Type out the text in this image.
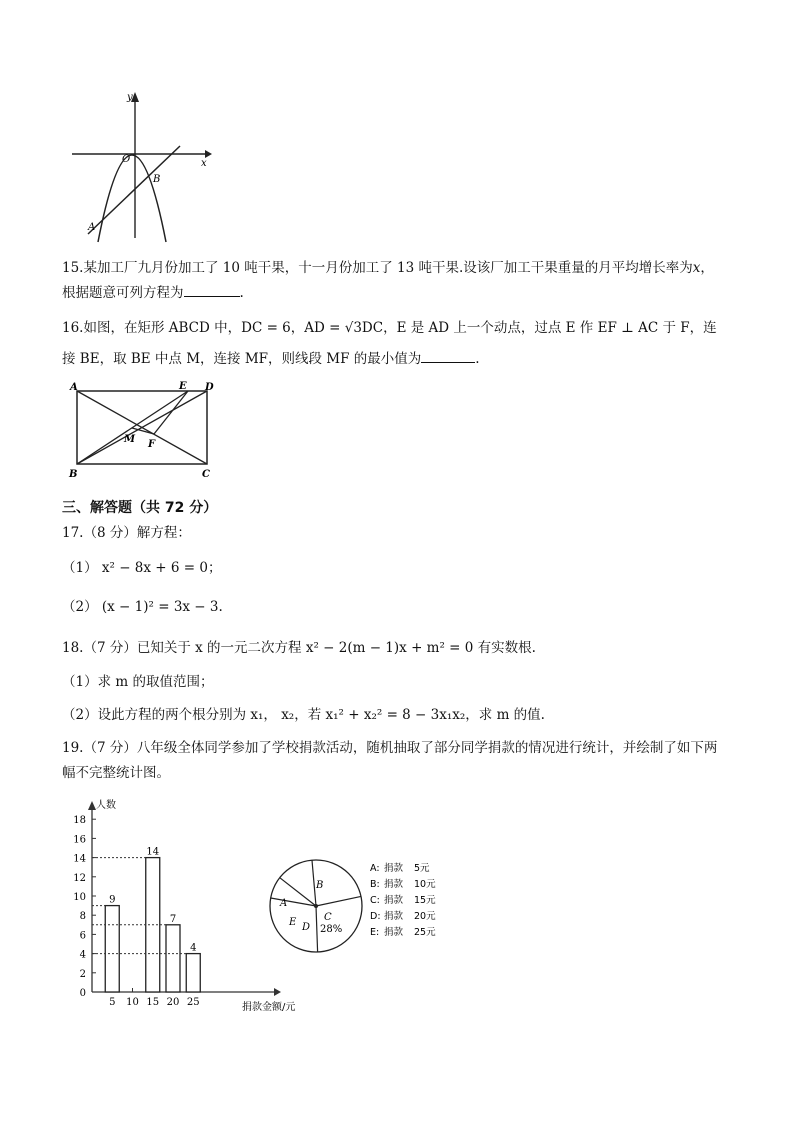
x
y
O
A
B
15.某加工厂九月份加工了 10 吨干果，十一月份加工了 13 吨干果.设该厂加工干果重量的月平均增长率为x，
根据题意可列方程为	.
16.如图，在矩形 ABCD 中，DC = 6，AD = √3DC，E 是 AD 上一个动点，过点 E 作 EF ⊥ AC 于 F，连
接 BE，取 BE 中点 M，连接 MF，则线段 MF 的最小值为	.
A
B	C
D
E
F
M
三、解答题（共 72 分）
17.（8 分）解方程：
（1） x² − 8x + 6 = 0；
（2） (x − 1)² = 3x − 3.
18.（7 分）已知关于 x 的一元二次方程 x² − 2(m − 1)x + m² = 0 有实数根.
（1）求 m 的取值范围；
（2）设此方程的两个根分别为 x₁， x₂，若 x₁² + x₂² = 8 − 3x₁x₂，求 m 的值.
19.（7 分）八年级全体同学参加了学校捐款活动，随机抽取了部分同学捐款的情况进行统计，并绘制了如下两
幅不完整统计图。
人数
捐款金额/元
0
2
4
6
8
10
12
14
16
18
5 10 15 20 25
9
14
7
4
A
B
C
D
E
28%
A: 捐款 5元
B: 捐款 10元
C: 捐款 15元
D: 捐款 20元
E: 捐款 25元
